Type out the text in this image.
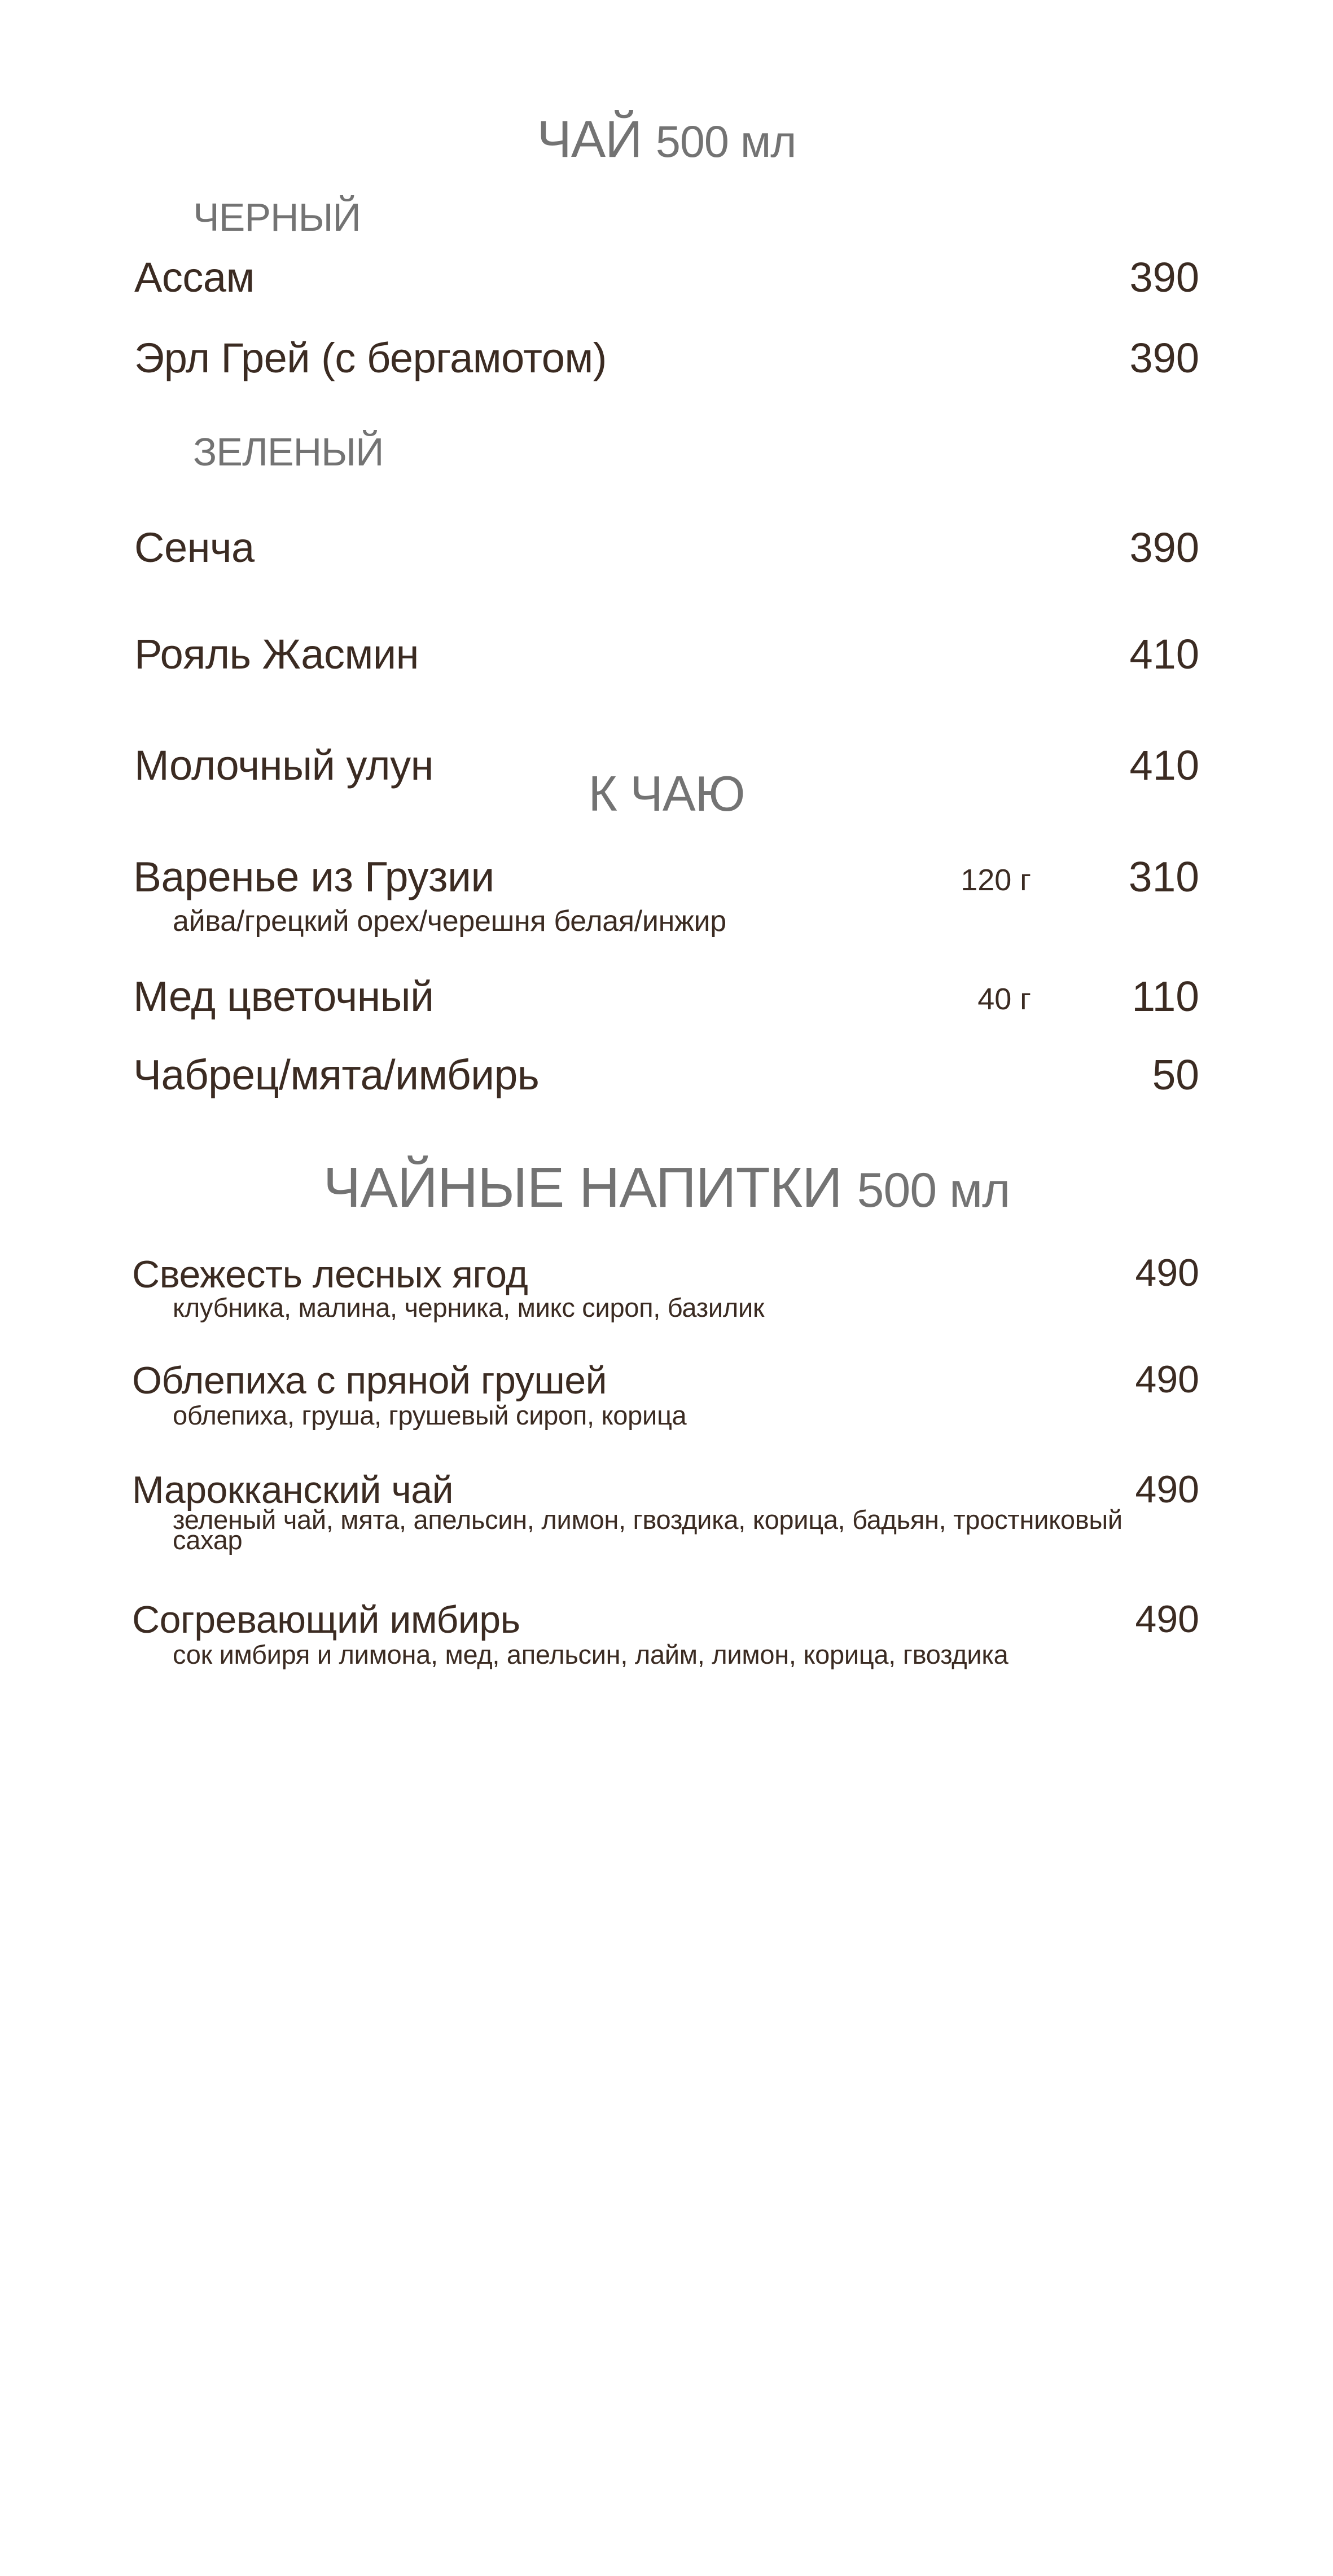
ЧАЙ 500 мл
ЧЕРНЫЙ
Ассам	390
Эрл Грей (с бергамотом)	390
ЗЕЛЕНЫЙ
Сенча	390
Рояль Жасмин	410
Молочный улун	410
К ЧАЮ
Варенье из Грузии	120 г 310
айва/грецкий орех/черешня белая/инжир
Мед цветочный	40 г 110
Чабрец/мята/имбирь	50
ЧАЙНЫЕ НАПИТКИ 500 мл
Свежесть лесных ягод	490
клубника, малина, черника, микс сироп, базилик
Облепиха с пряной грушей	490
облепиха, груша, грушевый сироп, корица
Марокканский чай	490
зеленый чай, мята, апельсин, лимон, гвоздика, корица, бадьян, тростниковый сахар
Согревающий имбирь	490
сок имбиря и лимона, мед, апельсин, лайм, лимон, корица, гвоздика
